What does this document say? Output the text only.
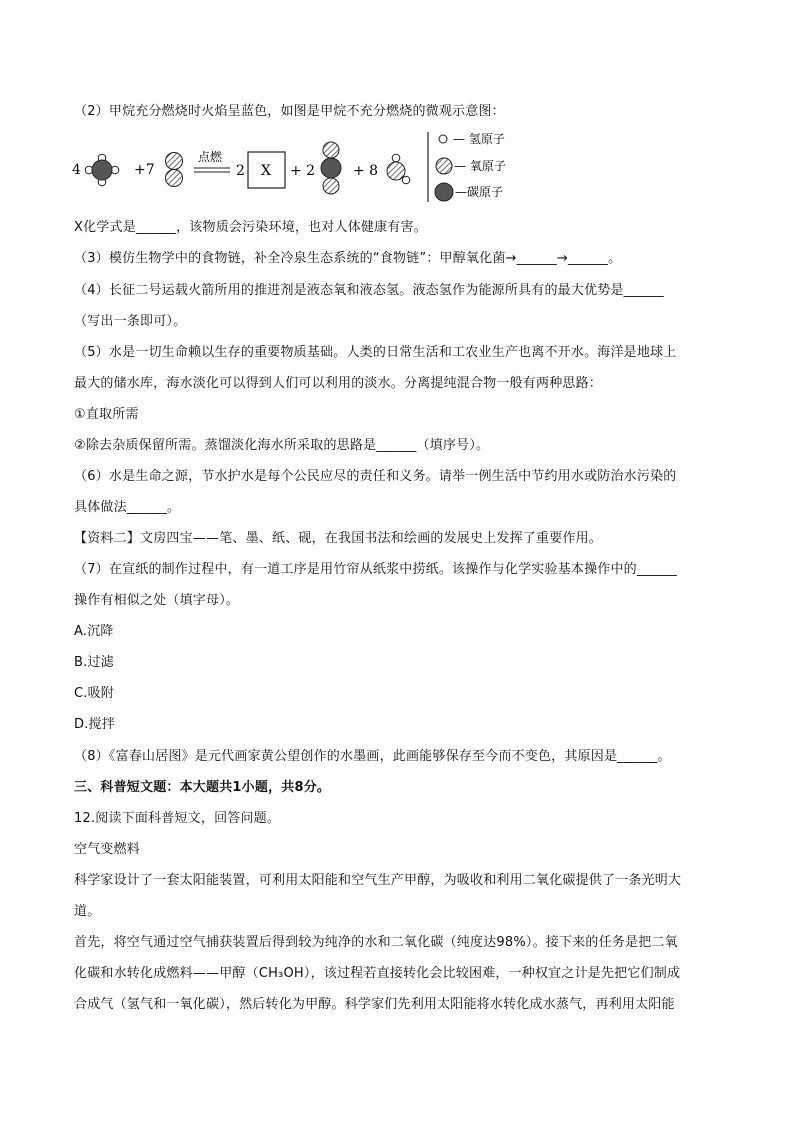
（2）甲烷充分燃烧时火焰呈蓝色，如图是甲烷不充分燃烧的微观示意图：
4	+7
点燃
2 X + 2	+ 8
— 氢原子
— 氧原子
—碳原子
X化学式是______，该物质会污染环境，也对人体健康有害。
（3）模仿生物学中的食物链，补全冷泉生态系统的“食物链”：甲醇氧化菌→______→______。
（4）长征二号运载火箭所用的推进剂是液态氧和液态氢。液态氢作为能源所具有的最大优势是______
（写出一条即可）。
（5）水是一切生命赖以生存的重要物质基础。人类的日常生活和工农业生产也离不开水。海洋是地球上
最大的储水库，海水淡化可以得到人们可以利用的淡水。分离提纯混合物一般有两种思路：
①直取所需
②除去杂质保留所需。蒸馏淡化海水所采取的思路是______（填序号）。
（6）水是生命之源，节水护水是每个公民应尽的责任和义务。请举一例生活中节约用水或防治水污染的
具体做法______。
【资料二】文房四宝——笔、墨、纸、砚，在我国书法和绘画的发展史上发挥了重要作用。
（7）在宣纸的制作过程中，有一道工序是用竹帘从纸浆中捞纸。该操作与化学实验基本操作中的______
操作有相似之处（填字母）。
A.沉降
B.过滤
C.吸附
D.搅拌
（8）《富春山居图》是元代画家黄公望创作的水墨画，此画能够保存至今而不变色，其原因是______。
三、科普短文题：本大题共1小题，共8分。
12.阅读下面科普短文，回答问题。
空气变燃料
科学家设计了一套太阳能装置，可利用太阳能和空气生产甲醇，为吸收和利用二氧化碳提供了一条光明大
道。
首先，将空气通过空气捕获装置后得到较为纯净的水和二氧化碳（纯度达98%）。接下来的任务是把二氧
化碳和水转化成燃料——甲醇（CH₃OH），该过程若直接转化会比较困难，一种权宜之计是先把它们制成
合成气（氢气和一氧化碳），然后转化为甲醇。科学家们先利用太阳能将水转化成水蒸气，再利用太阳能
